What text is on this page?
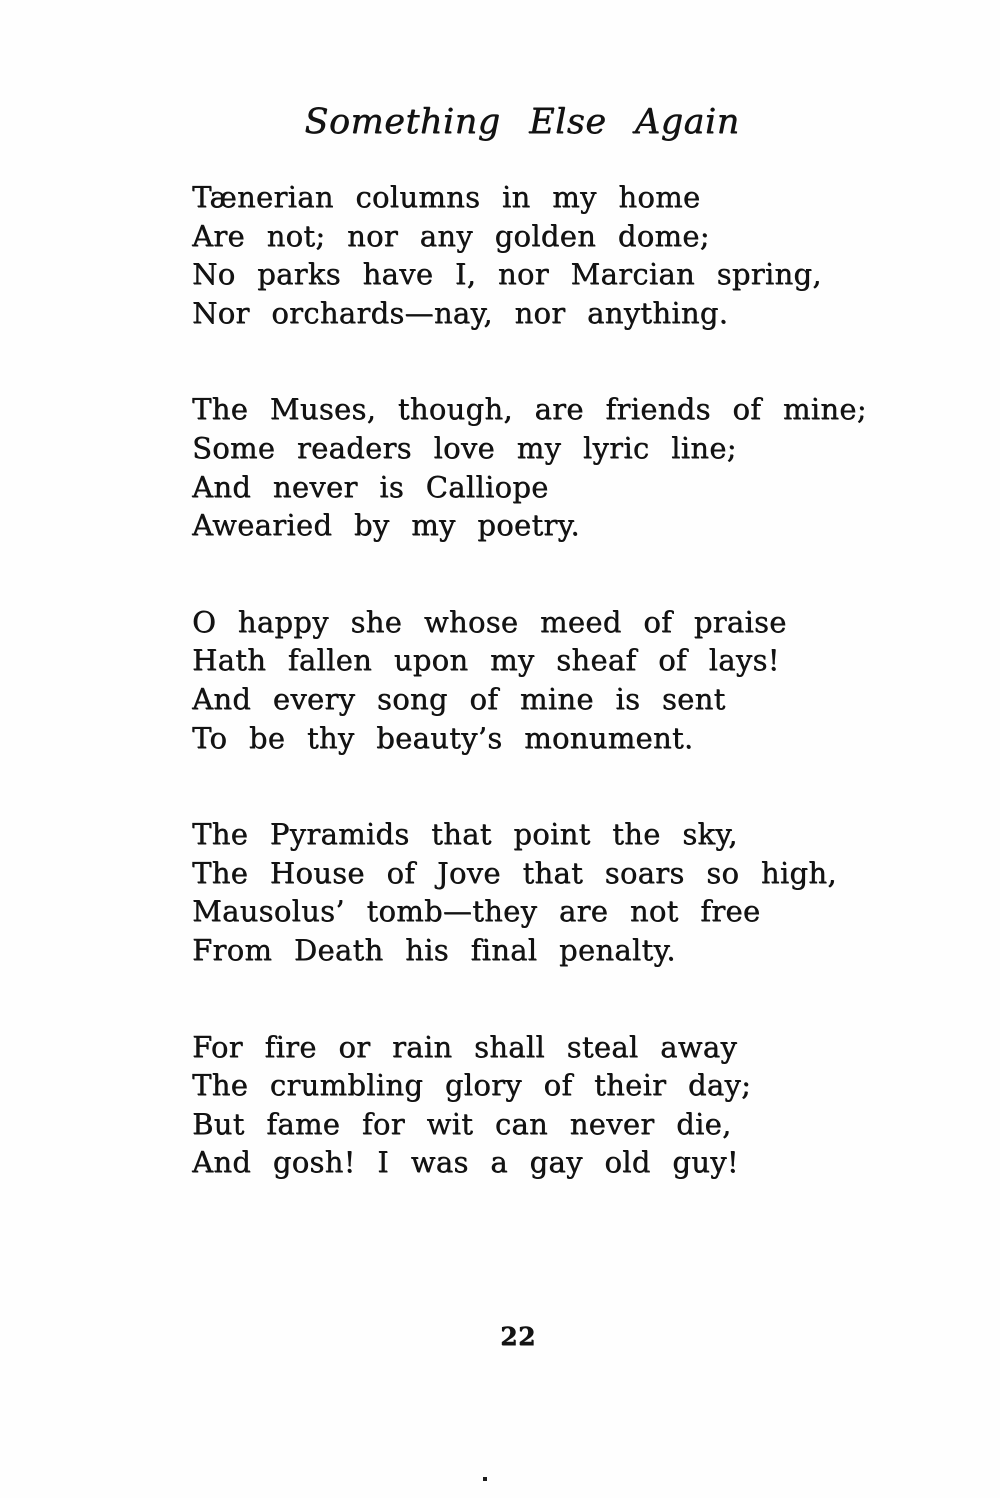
Something Else Again
Tænerian columns in my home
Are not; nor any golden dome;
No parks have I, nor Marcian spring,
Nor orchards—nay, nor anything.
The Muses, though, are friends of mine;
Some readers love my lyric line;
And never is Calliope
Awearied by my poetry.
O happy she whose meed of praise
Hath fallen upon my sheaf of lays!
And every song of mine is sent
To be thy beauty’s monument.
The Pyramids that point the sky,
The House of Jove that soars so high,
Mausolus’ tomb—they are not free
From Death his final penalty.
For fire or rain shall steal away
The crumbling glory of their day;
But fame for wit can never die,
And gosh! I was a gay old guy!
22
